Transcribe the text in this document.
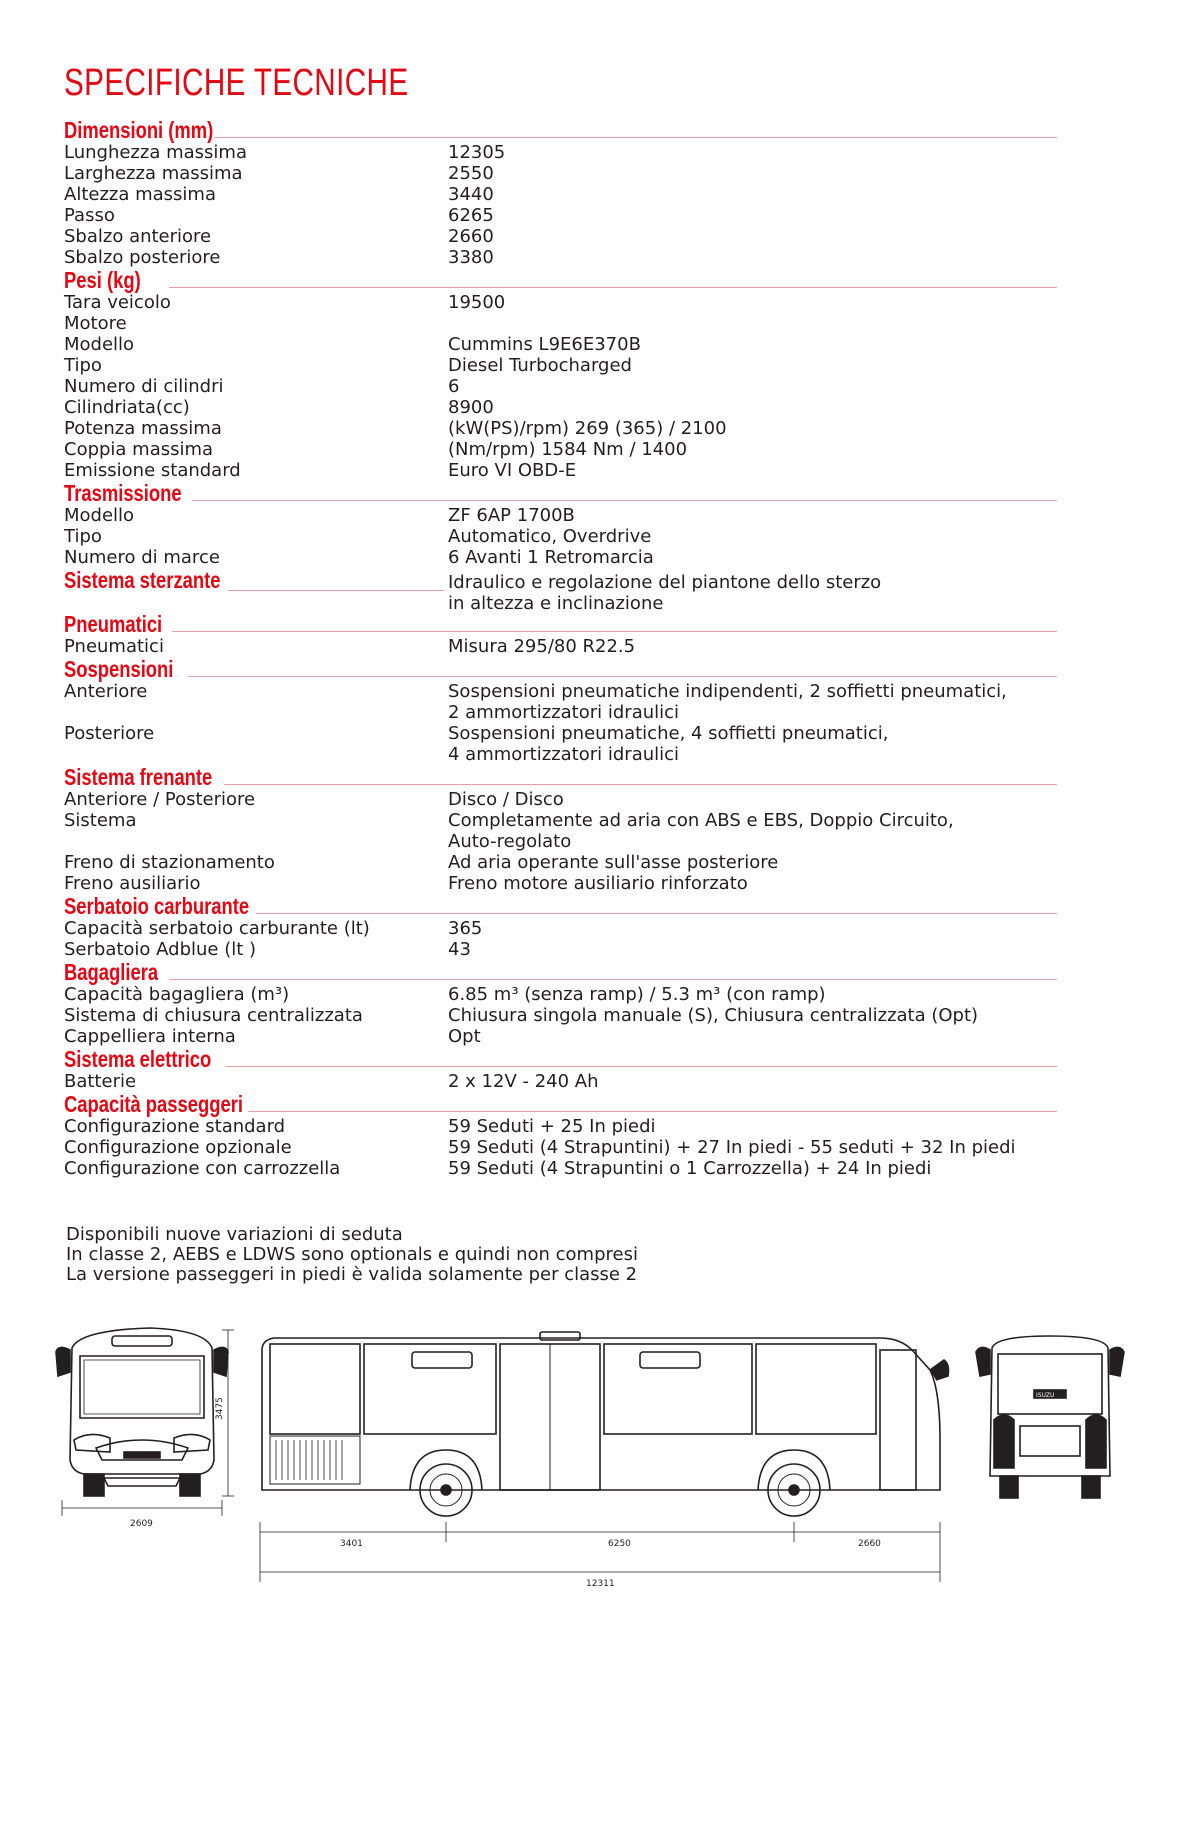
SPECIFICHE TECNICHE
Dimensioni (mm)
Lunghezza massima	12305
Larghezza massima	2550
Altezza massima	3440
Passo	6265
Sbalzo anteriore	2660
Sbalzo posteriore	3380
Pesi (kg)
Tara veicolo	19500
Motore
Modello	Cummins L9E6E370B
Tipo	Diesel Turbocharged
Numero di cilindri	6
Cilindriata(cc)	8900
Potenza massima	(kW(PS)/rpm) 269 (365) / 2100
Coppia massima	(Nm/rpm) 1584 Nm / 1400
Emissione standard	Euro VI OBD-E
Trasmissione
Modello	ZF 6AP 1700B
Tipo	Automatico, Overdrive
Numero di marce	6 Avanti 1 Retromarcia
Sistema sterzante	Idraulico e regolazione del piantone dello sterzo
in altezza e inclinazione
Pneumatici
Pneumatici	Misura 295/80 R22.5
Sospensioni
Anteriore	Sospensioni pneumatiche indipendenti, 2 soffietti pneumatici,
2 ammortizzatori idraulici
Posteriore	Sospensioni pneumatiche, 4 soffietti pneumatici,
4 ammortizzatori idraulici
Sistema frenante
Anteriore / Posteriore	Disco / Disco
Sistema	Completamente ad aria con ABS e EBS, Doppio Circuito,
Auto-regolato
Freno di stazionamento	Ad aria operante sull'asse posteriore
Freno ausiliario	Freno motore ausiliario rinforzato
Serbatoio carburante
Capacità serbatoio carburante (lt)	365
Serbatoio Adblue (lt )	43
Bagagliera
Capacità bagagliera (m³)	6.85 m³ (senza ramp) / 5.3 m³ (con ramp)
Sistema di chiusura centralizzata	Chiusura singola manuale (S), Chiusura centralizzata (Opt)
Cappelliera interna	Opt
Sistema elettrico
Batterie	2 x 12V - 240 Ah
Capacità passeggeri
Configurazione standard	59 Seduti + 25 In piedi
Configurazione opzionale	59 Seduti (4 Strapuntini) + 27 In piedi - 55 seduti + 32 In piedi
Configurazione con carrozzella	59 Seduti (4 Strapuntini o 1 Carrozzella) + 24 In piedi
Disponibili nuove variazioni di seduta
In classe 2, AEBS e LDWS sono optionals e quindi non compresi
La versione passeggeri in piedi è valida solamente per classe 2
2609
3475
3401	6250	2660
12311
ISUZU
